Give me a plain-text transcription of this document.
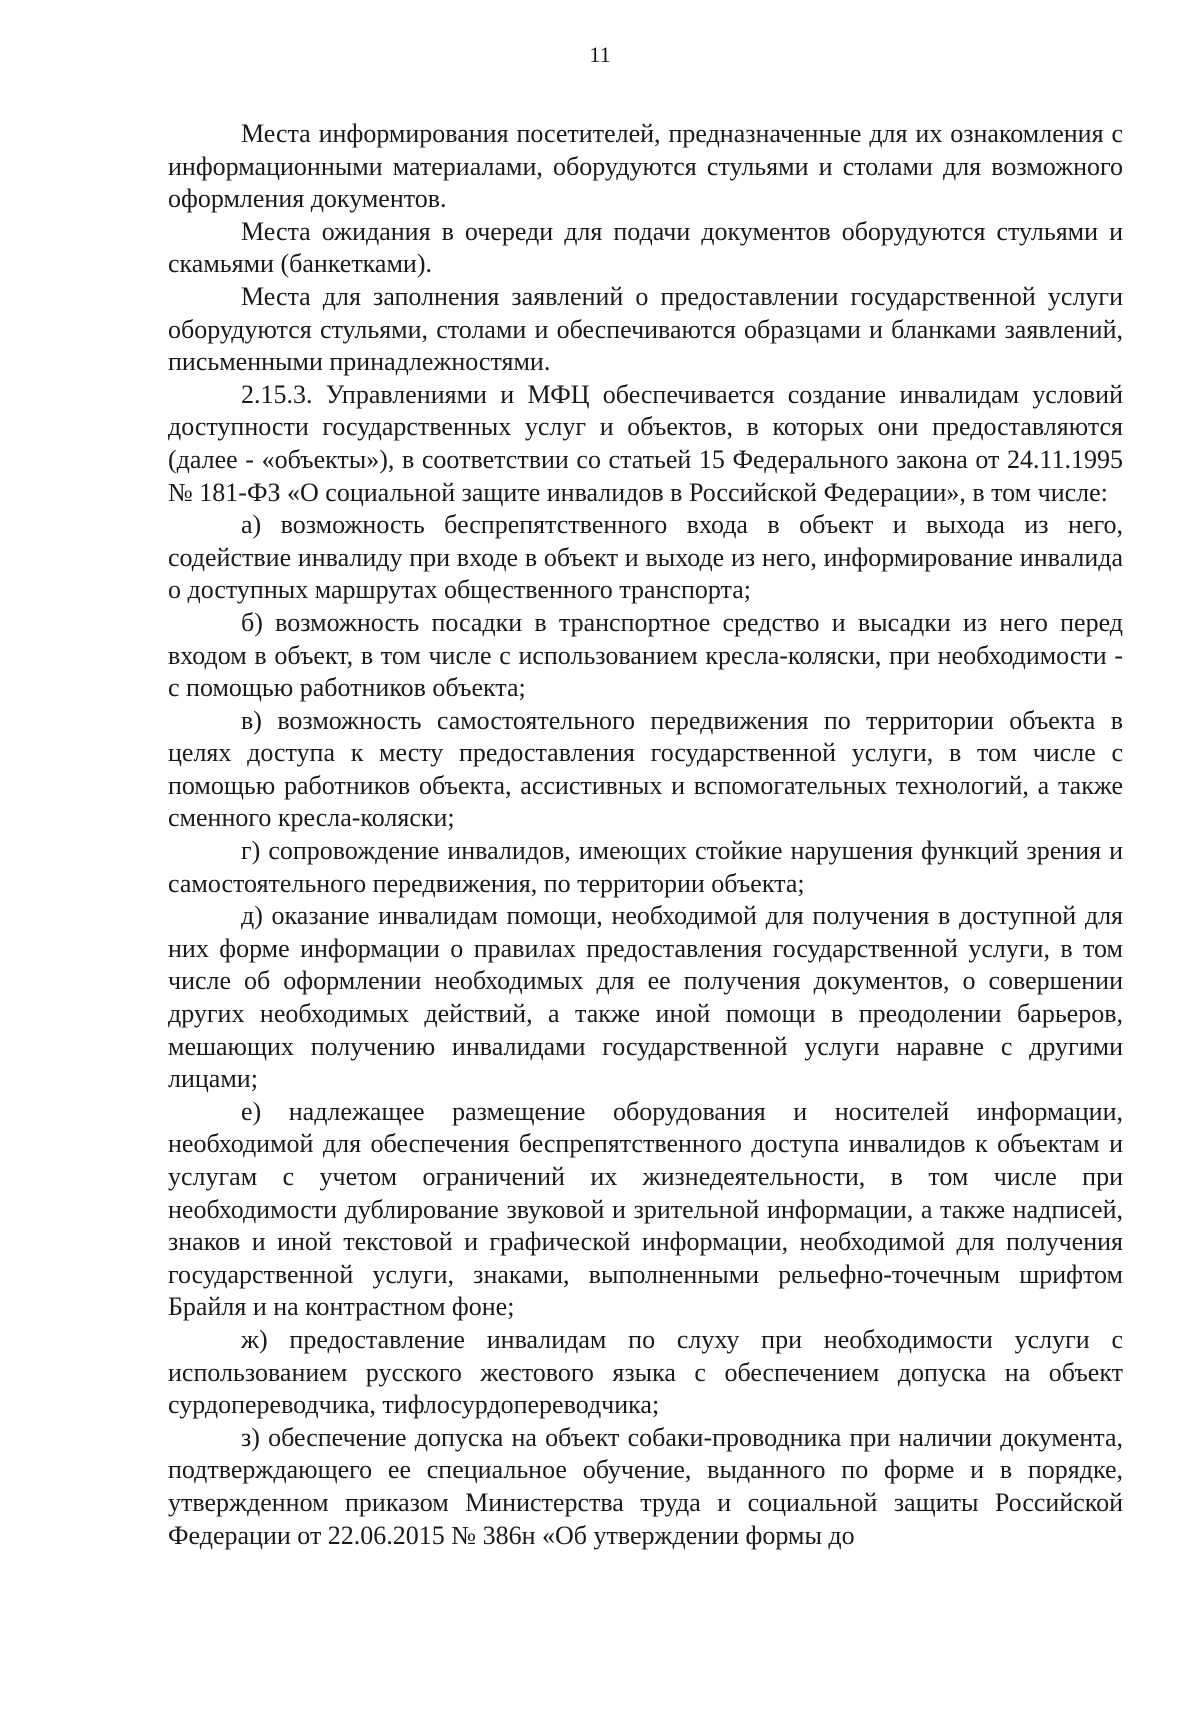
11

Места информирования посетителей, предназначенные для их ознакомления с информационными материалами, оборудуются стульями и столами для возможного оформления документов.

Места ожидания в очереди для подачи документов оборудуются стульями и скамьями (банкетками).

Места для заполнения заявлений о предоставлении государственной услуги оборудуются стульями, столами и обеспечиваются образцами и бланками заявлений, письменными принадлежностями.

2.15.3. Управлениями и МФЦ обеспечивается создание инвалидам условий доступности государственных услуг и объектов, в которых они предоставляются (далее - «объекты»), в соответствии со статьей 15 Федерального закона от 24.11.1995 № 181-ФЗ «О социальной защите инвалидов в Российской Федерации», в том числе:

а) возможность беспрепятственного входа в объект и выхода из него, содействие инвалиду при входе в объект и выходе из него, информирование инвалида о доступных маршрутах общественного транспорта;

б) возможность посадки в транспортное средство и высадки из него перед входом в объект, в том числе с использованием кресла-коляски, при необходимости - с помощью работников объекта;

в) возможность самостоятельного передвижения по территории объекта в целях доступа к месту предоставления государственной услуги, в том числе с помощью работников объекта, ассистивных и вспомогательных технологий, а также сменного кресла-коляски;

г) сопровождение инвалидов, имеющих стойкие нарушения функций зрения и самостоятельного передвижения, по территории объекта;

д) оказание инвалидам помощи, необходимой для получения в доступной для них форме информации о правилах предоставления государственной услуги, в том числе об оформлении необходимых для ее получения документов, о совершении других необходимых действий, а также иной помощи в преодолении барьеров, мешающих получению инвалидами государственной услуги наравне с другими лицами;

е) надлежащее размещение оборудования и носителей информации, необходимой для обеспечения беспрепятственного доступа инвалидов к объектам и услугам с учетом ограничений их жизнедеятельности, в том числе при необходимости дублирование звуковой и зрительной информации, а также надписей, знаков и иной текстовой и графической информации, необходимой для получения государственной услуги, знаками, выполненными рельефно-точечным шрифтом Брайля и на контрастном фоне;

ж) предоставление инвалидам по слуху при необходимости услуги с использованием русского жестового языка с обеспечением допуска на объект сурдопереводчика, тифлосурдопереводчика;

з) обеспечение допуска на объект собаки-проводника при наличии документа, подтверждающего ее специальное обучение, выданного по форме и в порядке, утвержденном приказом Министерства труда и социальной защиты Российской Федерации от 22.06.2015 № 386н «Об утверждении формы до
